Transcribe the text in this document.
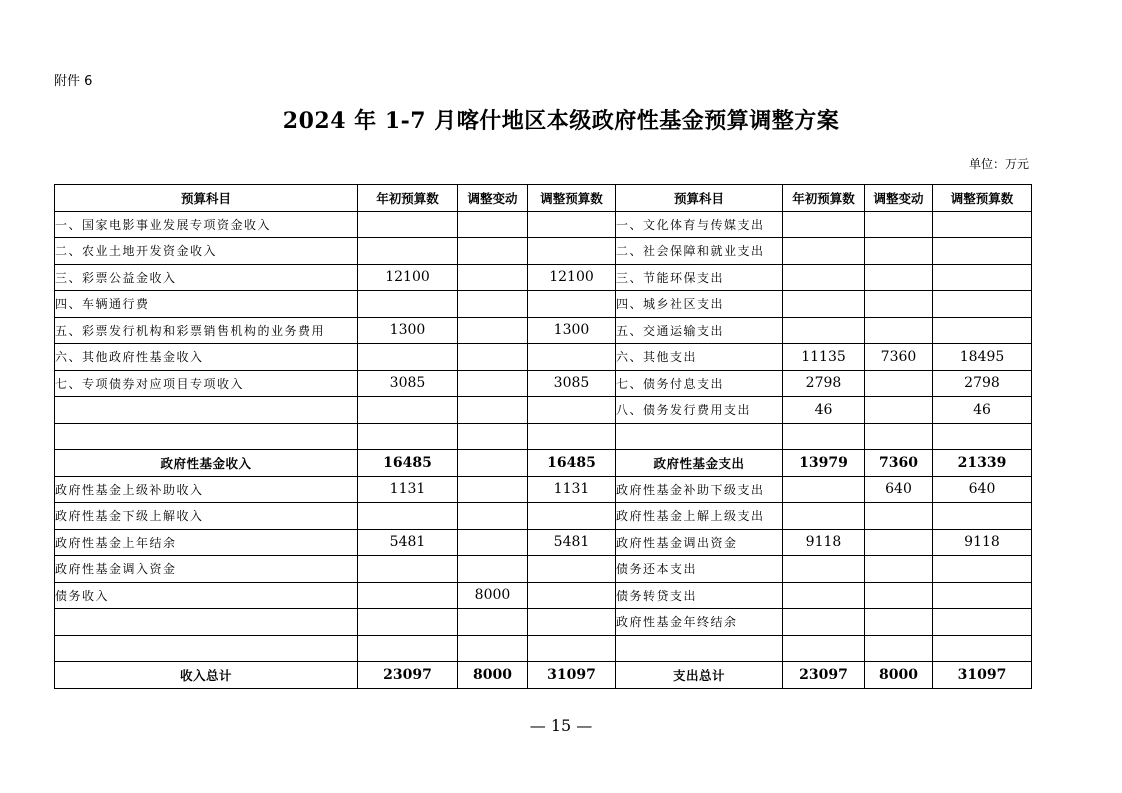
附件 6
2024 年 1-7 月喀什地区本级政府性基金预算调整方案
单位：万元
预算科目	年初预算数	调整变动	调整预算数	预算科目	年初预算数	调整变动	调整预算数
一、国家电影事业发展专项资金收入				一、文化体育与传媒支出			
二、农业土地开发资金收入				二、社会保障和就业支出			
三、彩票公益金收入	12100		12100	三、节能环保支出			
四、车辆通行费				四、城乡社区支出			
五、彩票发行机构和彩票销售机构的业务费用	1300		1300	五、交通运输支出			
六、其他政府性基金收入				六、其他支出	11135	7360	18495
七、专项债券对应项目专项收入	3085		3085	七、债务付息支出	2798		2798
				八、债务发行费用支出	46		46

政府性基金收入	16485		16485	政府性基金支出	13979	7360	21339
政府性基金上级补助收入	1131		1131	政府性基金补助下级支出		640	640
政府性基金下级上解收入				政府性基金上解上级支出			
政府性基金上年结余	5481		5481	政府性基金调出资金	9118		9118
政府性基金调入资金				债务还本支出			
债务收入		8000		债务转贷支出			
				政府性基金年终结余			

收入总计	23097	8000	31097	支出总计	23097	8000	31097
— 15 —
